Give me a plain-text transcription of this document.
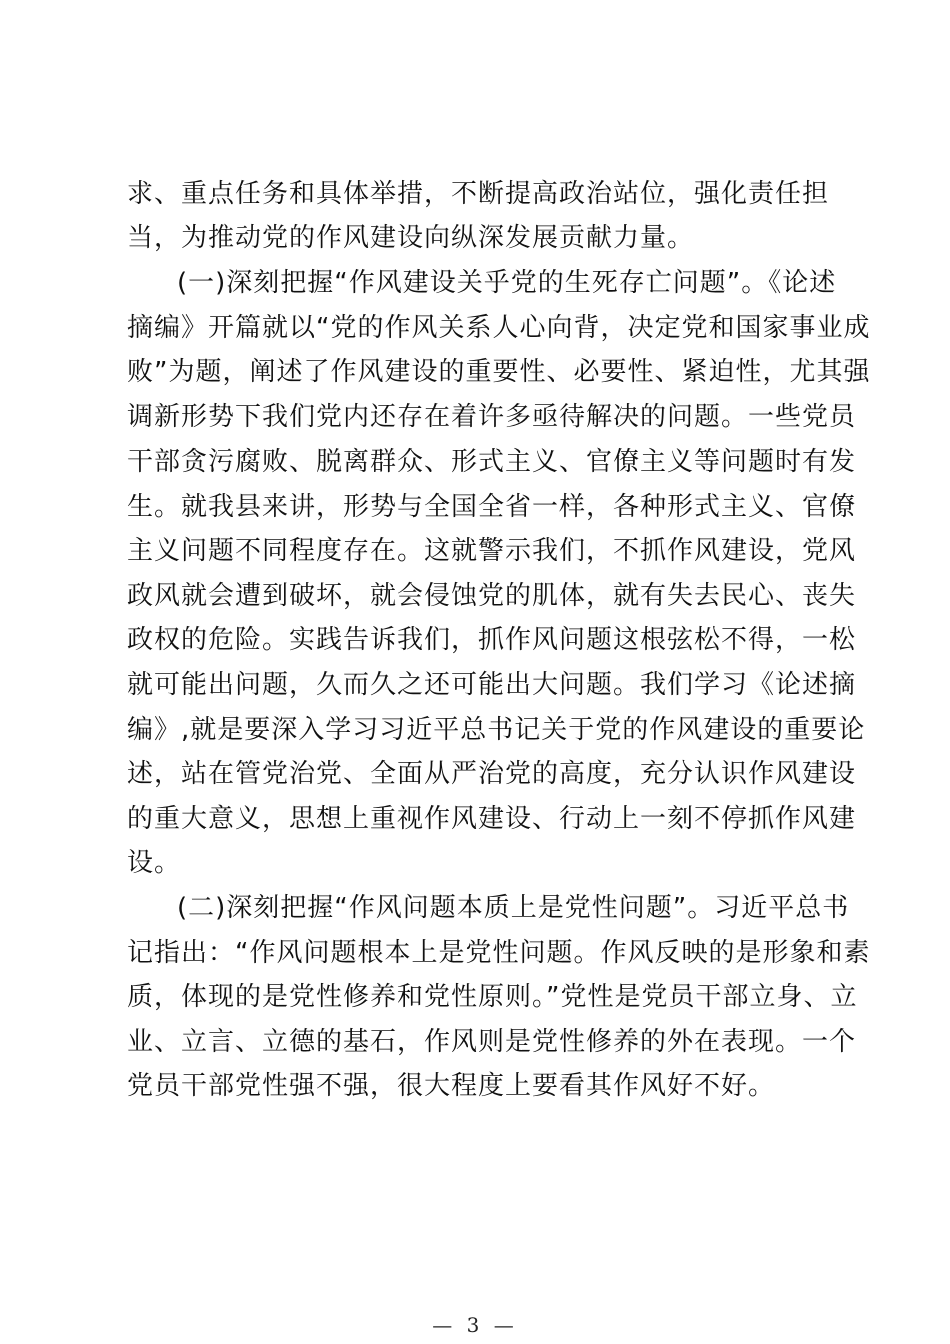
求、重点任务和具体举措，不断提高政治站位，强化责任担
当，为推动党的作风建设向纵深发展贡献力量。
(一)深刻把握“作风建设关乎党的生死存亡问题”。《论述
摘编》开篇就以“党的作风关系人心向背，决定党和国家事业成
败”为题，阐述了作风建设的重要性、必要性、紧迫性，尤其强
调新形势下我们党内还存在着许多亟待解决的问题。一些党员
干部贪污腐败、脱离群众、形式主义、官僚主义等问题时有发
生。就我县来讲，形势与全国全省一样，各种形式主义、官僚
主义问题不同程度存在。这就警示我们，不抓作风建设，党风
政风就会遭到破坏，就会侵蚀党的肌体，就有失去民心、丧失
政权的危险。实践告诉我们，抓作风问题这根弦松不得，一松
就可能出问题，久而久之还可能出大问题。我们学习《论述摘
编》,就是要深入学习习近平总书记关于党的作风建设的重要论
述，站在管党治党、全面从严治党的高度，充分认识作风建设
的重大意义，思想上重视作风建设、行动上一刻不停抓作风建
设。
(二)深刻把握“作风问题本质上是党性问题”。习近平总书
记指出：“作风问题根本上是党性问题。作风反映的是形象和素
质，体现的是党性修养和党性原则。”党性是党员干部立身、立
业、立言、立德的基石，作风则是党性修养的外在表现。一个
党员干部党性强不强，很大程度上要看其作风好不好。
— 3 —
